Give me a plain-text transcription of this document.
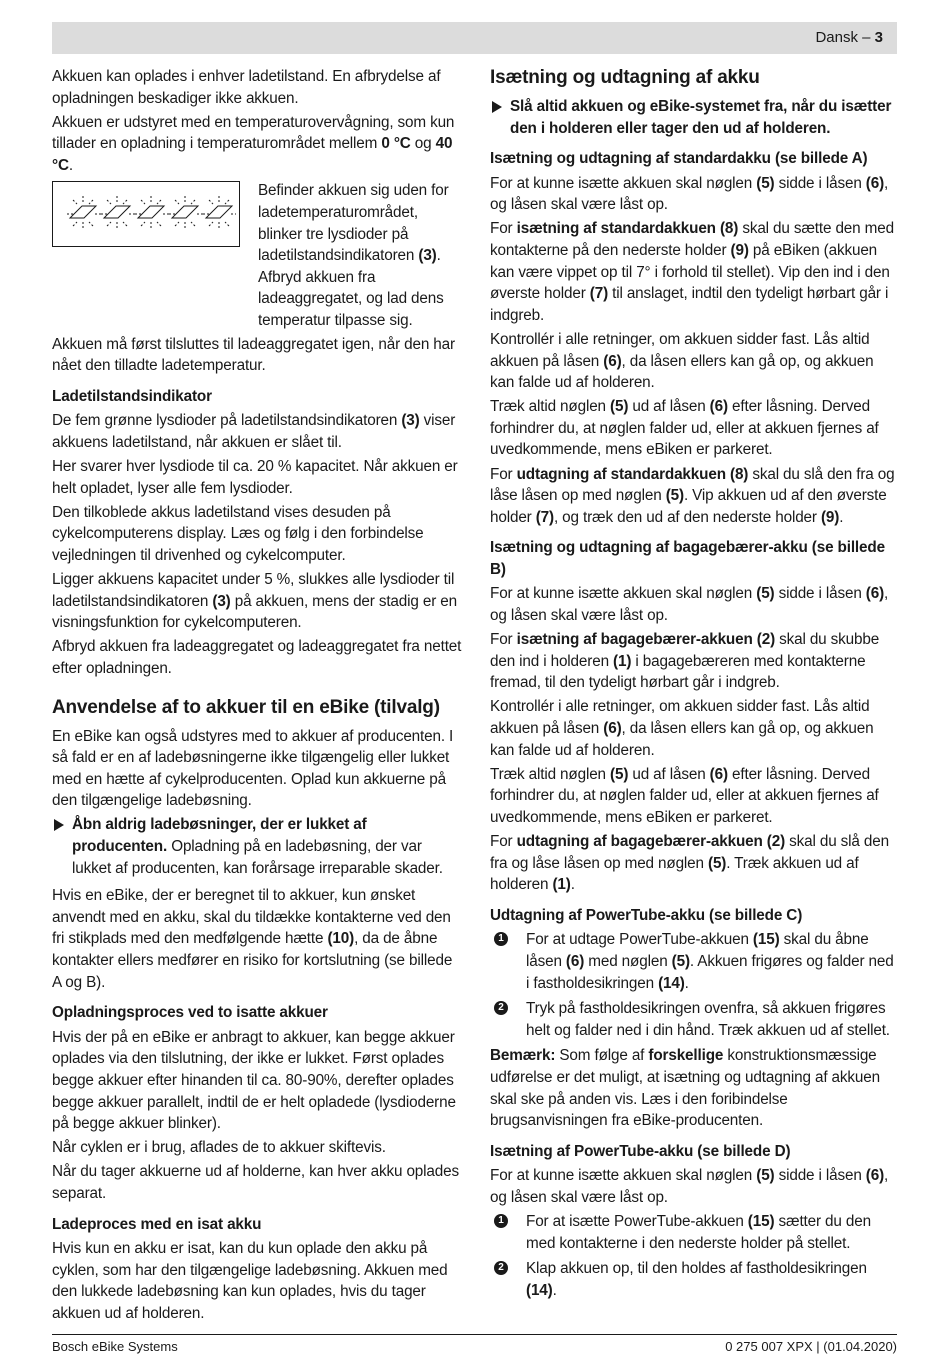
Dansk – 3

Akkuen kan oplades i enhver ladetilstand. En afbrydelse af opladningen beskadiger ikke akkuen.

Akkuen er udstyret med en temperaturovervågning, som kun tillader en opladning i temperaturområdet mellem 0 °C og 40 °C.

Befinder akkuen sig uden for ladetemperaturområdet, blinker tre lysdioder på ladetilstandsindikatoren (3). Afbryd akkuen fra ladeaggregatet, og lad dens temperatur tilpasse sig.

Akkuen må først tilsluttes til ladeaggregatet igen, når den har nået den tilladte ladetemperatur.

Ladetilstandsindikator

De fem grønne lysdioder på ladetilstandsindikatoren (3) viser akkuens ladetilstand, når akkuen er slået til.

Her svarer hver lysdiode til ca. 20 % kapacitet. Når akkuen er helt opladet, lyser alle fem lysdioder.

Den tilkoblede akkus ladetilstand vises desuden på cykelcomputerens display. Læs og følg i den forbindelse vejledningen til drivenhed og cykelcomputer.

Ligger akkuens kapacitet under 5 %, slukkes alle lysdioder til ladetilstandsindikatoren (3) på akkuen, mens der stadig er en visningsfunktion for cykelcomputeren.

Afbryd akkuen fra ladeaggregatet og ladeaggregatet fra nettet efter opladningen.

Anvendelse af to akkuer til en eBike (tilvalg)

En eBike kan også udstyres med to akkuer af producenten. I så fald er en af ladebøsningerne ikke tilgængelig eller lukket med en hætte af cykelproducenten. Oplad kun akkuerne på den tilgængelige ladebøsning.

Åbn aldrig ladebøsninger, der er lukket af producenten. Opladning på en ladebøsning, der var lukket af producenten, kan forårsage irreparable skader.

Hvis en eBike, der er beregnet til to akkuer, kun ønsket anvendt med en akku, skal du tildække kontakterne ved den fri stikplads med den medfølgende hætte (10), da de åbne kontakter ellers medfører en risiko for kortslutning (se billede A og B).

Opladningsproces ved to isatte akkuer

Hvis der på en eBike er anbragt to akkuer, kan begge akkuer oplades via den tilslutning, der ikke er lukket. Først oplades begge akkuer efter hinanden til ca. 80-90%, derefter oplades begge akkuer parallelt, indtil de er helt opladede (lysdioderne på begge akkuer blinker).

Når cyklen er i brug, aflades de to akkuer skiftevis.

Når du tager akkuerne ud af holderne, kan hver akku oplades separat.

Ladeproces med en isat akku

Hvis kun en akku er isat, kan du kun oplade den akku på cyklen, som har den tilgængelige ladebøsning. Akkuen med den lukkede ladebøsning kan kun oplades, hvis du tager akkuen ud af holderen.

Isætning og udtagning af akku
Slå altid akkuen og eBike-systemet fra, når du isætter den i holderen eller tager den ud af holderen.
Isætning og udtagning af standardakku (se billede A)

For at kunne isætte akkuen skal nøglen (5) sidde i låsen (6), og låsen skal være låst op.

For isætning af standardakkuen (8) skal du sætte den med kontakterne på den nederste holder (9) på eBiken (akkuen kan være vippet op til 7° i forhold til stellet). Vip den ind i den øverste holder (7) til anslaget, indtil den tydeligt hørbart går i indgreb.

Kontrollér i alle retninger, om akkuen sidder fast. Lås altid akkuen på låsen (6), da låsen ellers kan gå op, og akkuen kan falde ud af holderen.

Træk altid nøglen (5) ud af låsen (6) efter låsning. Derved forhindrer du, at nøglen falder ud, eller at akkuen fjernes af uvedkommende, mens eBiken er parkeret.

For udtagning af standardakkuen (8) skal du slå den fra og låse låsen op med nøglen (5). Vip akkuen ud af den øverste holder (7), og træk den ud af den nederste holder (9).

Isætning og udtagning af bagagebærer-akku (se billede B)

For at kunne isætte akkuen skal nøglen (5) sidde i låsen (6), og låsen skal være låst op.

For isætning af bagagebærer-akkuen (2) skal du skubbe den ind i holderen (1) i bagagebæreren med kontakterne fremad, til den tydeligt hørbart går i indgreb.

Kontrollér i alle retninger, om akkuen sidder fast. Lås altid akkuen på låsen (6), da låsen ellers kan gå op, og akkuen kan falde ud af holderen.

Træk altid nøglen (5) ud af låsen (6) efter låsning. Derved forhindrer du, at nøglen falder ud, eller at akkuen fjernes af uvedkommende, mens eBiken er parkeret.

For udtagning af bagagebærer-akkuen (2) skal du slå den fra og låse låsen op med nøglen (5). Træk akkuen ud af holderen (1).

Udtagning af PowerTube-akku (se billede C)
1 For at udtage PowerTube-akkuen (15) skal du åbne låsen (6) med nøglen (5). Akkuen frigøres og falder ned i fastholdesikringen (14).
2 Tryk på fastholdesikringen ovenfra, så akkuen frigøres helt og falder ned i din hånd. Træk akkuen ud af stellet.

Bemærk: Som følge af forskellige konstruktionsmæssige udførelse er det muligt, at isætning og udtagning af akkuen skal ske på anden vis. Læs i den foribindelse brugsanvisningen fra eBike-producenten.

Isætning af PowerTube-akku (se billede D)

For at kunne isætte akkuen skal nøglen (5) sidde i låsen (6), og låsen skal være låst op.

1 For at isætte PowerTube-akkuen (15) sætter du den med kontakterne i den nederste holder på stellet.
2 Klap akkuen op, til den holdes af fastholdesikringen (14).
Bosch eBike Systems	0 275 007 XPX | (01.04.2020)
